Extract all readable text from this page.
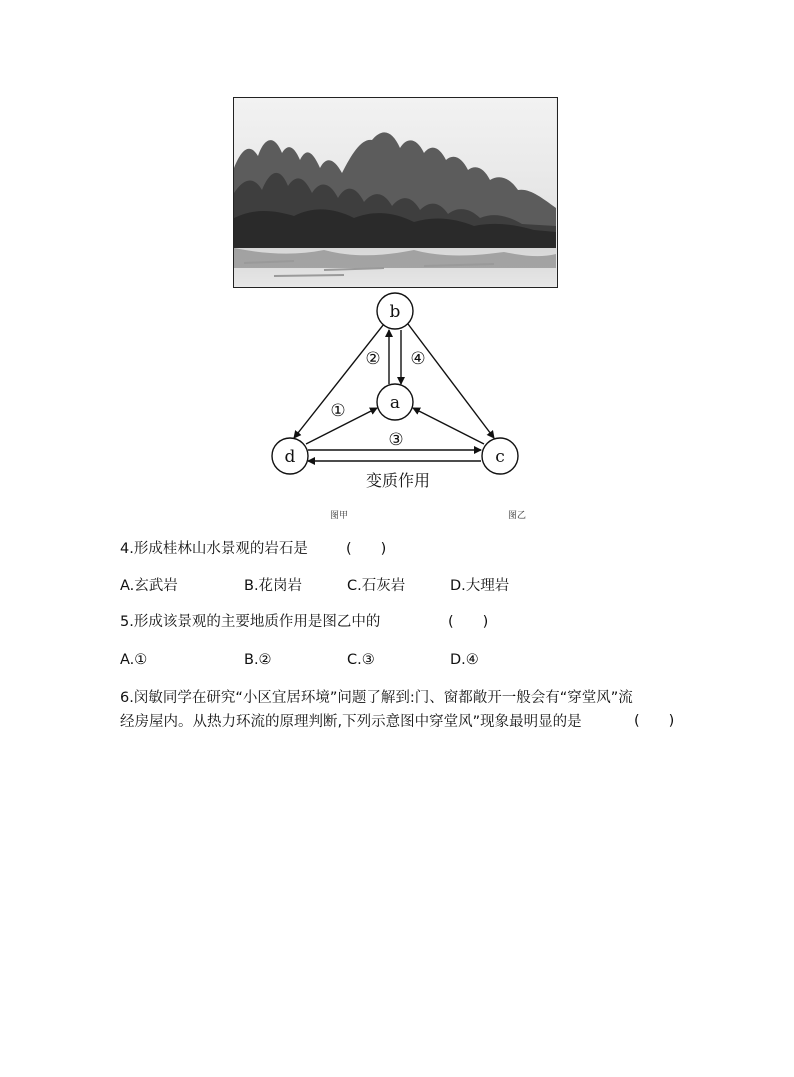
b
a
d	c
② ④
①
③
变质作用
图甲	图乙
4.形成桂林山水景观的岩石是	(　　)
A.玄武岩	B.花岗岩	C.石灰岩	D.大理岩
5.形成该景观的主要地质作用是图乙中的	(　　)
A.①	B.②	C.③	D.④
6.闵敏同学在研究“小区宜居环境”问题了解到:门、窗都敞开一般会有“穿堂风”流
经房屋内。从热力环流的原理判断,下列示意图中穿堂风”现象最明显的是	(　　)
